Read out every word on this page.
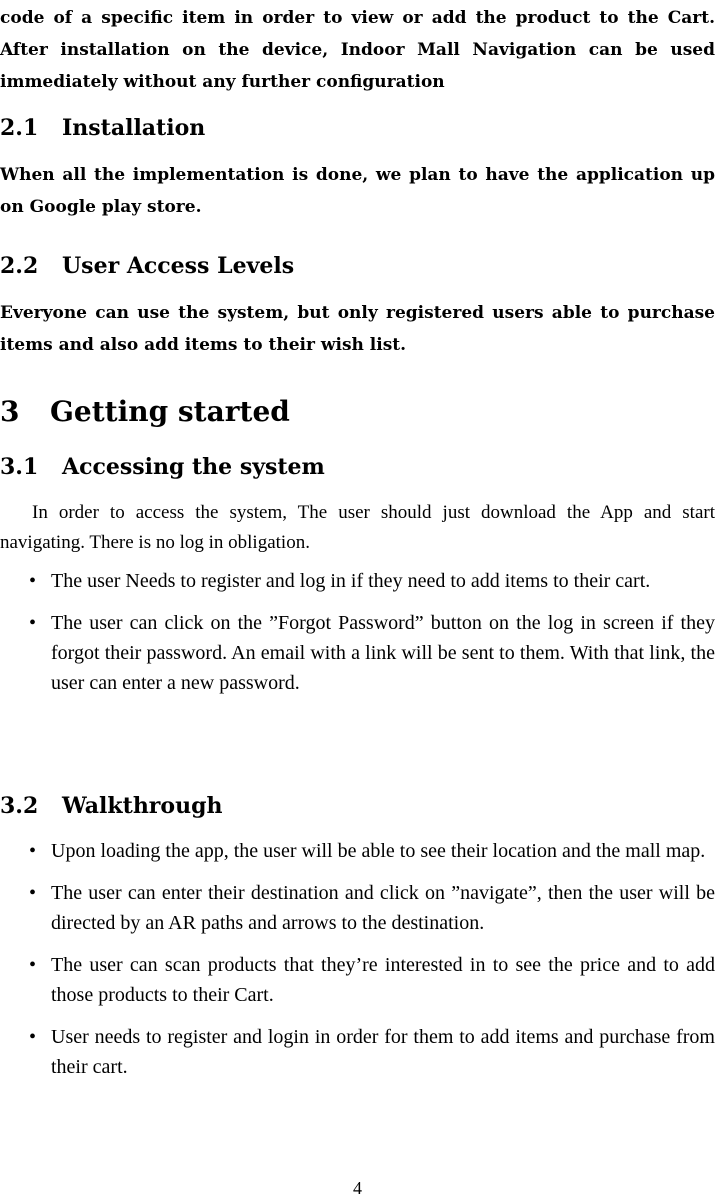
code of a specific item in order to view or add the product to the Cart. After installation on the device, Indoor Mall Navigation can be used immediately without any further configuration
2.1 Installation
When all the implementation is done, we plan to have the application up on Google play store.
2.2 User Access Levels
Everyone can use the system, but only registered users able to purchase items and also add items to their wish list.
3 Getting started
3.1 Accessing the system
In order to access the system, The user should just download the App and start navigating. There is no log in obligation.
• The user Needs to register and log in if they need to add items to their cart.
• The user can click on the ”Forgot Password” button on the log in screen if they forgot their password. An email with a link will be sent to them. With that link, the user can enter a new password.
3.2 Walkthrough
• Upon loading the app, the user will be able to see their location and the mall map.
• The user can enter their destination and click on ”navigate”, then the user will be directed by an AR paths and arrows to the destination.
• The user can scan products that they’re interested in to see the price and to add those products to their Cart.
• User needs to register and login in order for them to add items and purchase from their cart.
4
